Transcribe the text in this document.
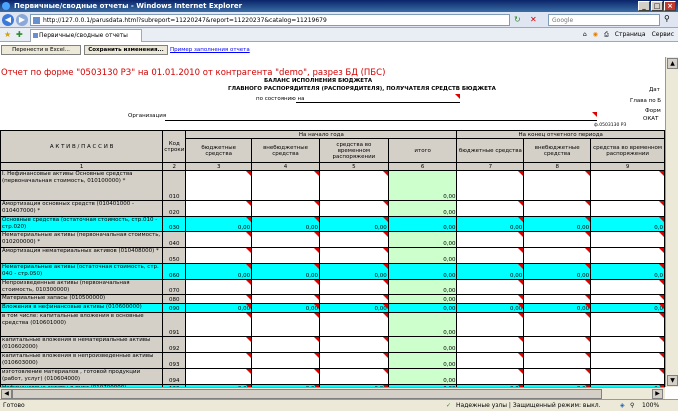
Первичные/сводные отчеты - Windows Internet Explorer	_	□ ×
◀ ▶	http://127.0.0.1/parusdata.html?subreport=11220247&report=11220237&catalog=11219679	↻ ✕	Google	⚲
★ ✚	Первичные/сводные отчеты	⌂ ◉ ⎙ Страница Сервис
Перенести в Excel...	Сохранить изменения...	Пример заполнения отчета
Отчет по форме "0503130 РЗ" на 01.01.2010 от контрагента "demo", разрез БД (ПБС)
БАЛАНС ИСПОЛНЕНИЯ БЮДЖЕТА
ГЛАВНОГО РАСПОРЯДИТЕЛЯ (РАСПОРЯДИТЕЛЯ), ПОЛУЧАТЕЛЯ СРЕДСТВ БЮДЖЕТА
по состоянию на
Организация
ф.0503130 РЗ
Дат
Глава по Б
Форм
ОКАТ
А К Т И В / П А С С И В	Код строки	На начало года				На конец отчетного периода		
		бюджетные средства	внебюджетные средства	средства во временном распоряжении	итого	бюджетные средства	внебюджетные средства	средства во временном распоряжении
1	2	3	4	5	6	7	8	9
I. Нефинансовые активы Основные средства (первоначальная стоимость, 010100000) *	010				0,00	

Амортизация основных средств (010401000 - 010407000) *	020				0,00	

Основные средства (остаточная стоимость, стр.010 - стр.020)	030	0,00	0,00	0,00	0,00	0,00	0,00	0,0

Нематериальные активы (первоначальная стоимость, 010200000) *	040				0,00	

Амортизация нематериальных активов (010408000) *	050				0,00	

Нематериальные активы (остаточная стоимость, стр. 040 - стр.050)	060	0,00	0,00	0,00	0,00	0,00	0,00	0,0

Непроизведенные активы (первоначальная стоимость, 010300000)	070				0,00	

Материальные запасы (010500000)	080				0,00	

Вложения в нефинансовые активы (010600000)	090	0,00	0,00	0,00	0,00	0,00	0,00	0,0

в том числе: капитальные вложения в основные средства (010601000)	091				0,00	

капитальные вложения в нематериальные активы (010602000)	092				0,00	

капитальные вложения в непроизведенные активы (010603000)	093				0,00	

изготовление материалов , готовой продукции (работ, услуг) (010604000)	094				0,00	

▲
▼
◀	▶
Готово	✓ Надежные узлы | Защищенный режим: выкл.	◈ ⚲ 100%
